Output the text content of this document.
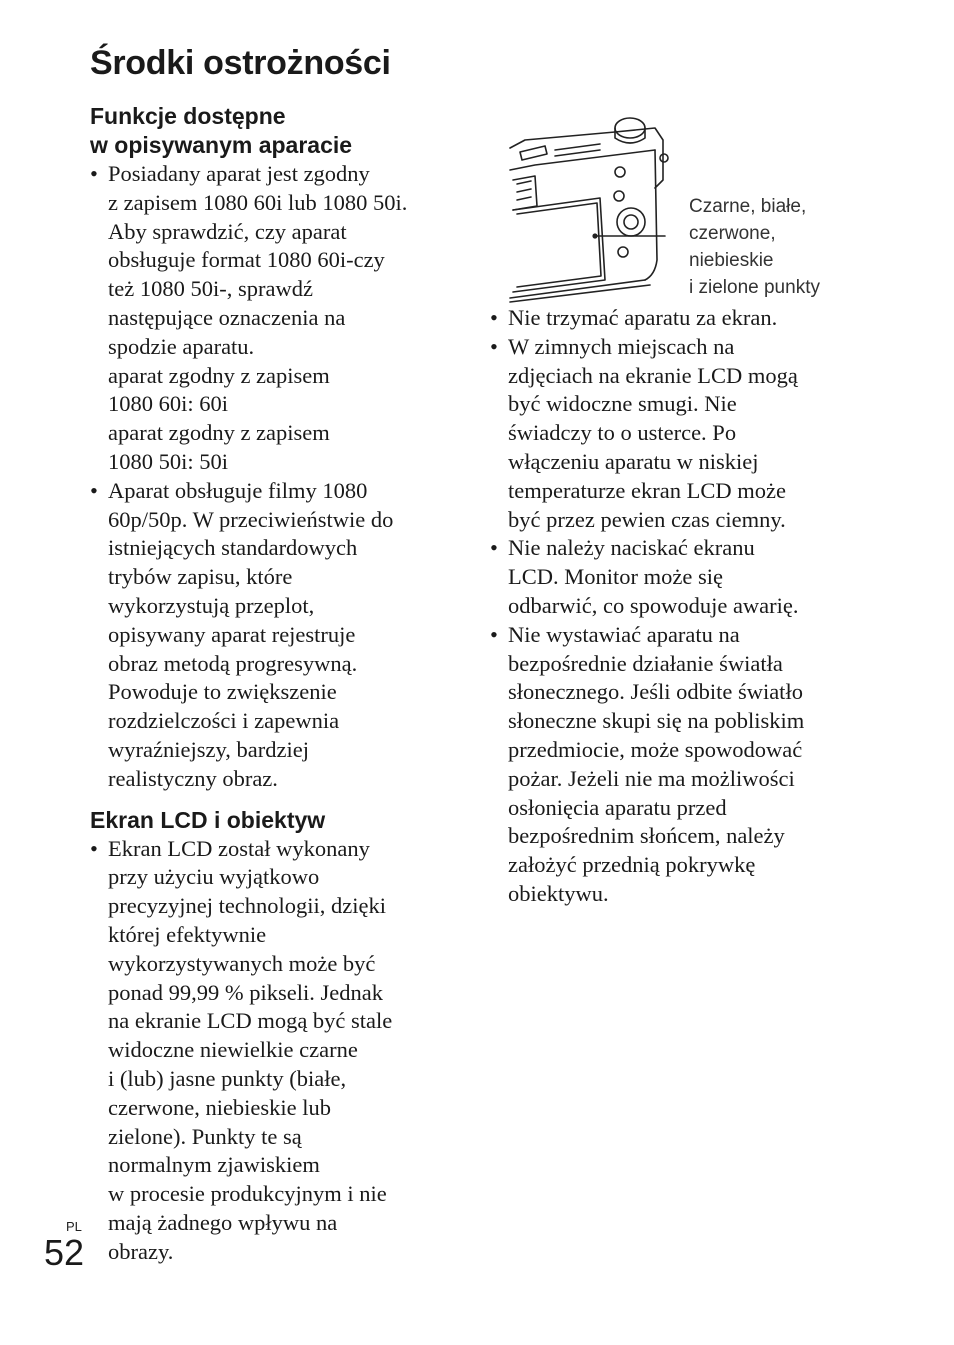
Środki ostrożności
Funkcje dostępne
w opisywanym aparacie
• Posiadany aparat jest zgodny
z zapisem 1080 60i lub 1080 50i.
Aby sprawdzić, czy aparat
obsługuje format 1080 60i-czy
też 1080 50i-, sprawdź
następujące oznaczenia na
spodzie aparatu.
aparat zgodny z zapisem
1080 60i: 60i
aparat zgodny z zapisem
1080 50i: 50i
• Aparat obsługuje filmy 1080
60p/50p. W przeciwieństwie do
istniejących standardowych
trybów zapisu, które
wykorzystują przeplot,
opisywany aparat rejestruje
obraz metodą progresywną.
Powoduje to zwiększenie
rozdzielczości i zapewnia
wyraźniejszy, bardziej
realistyczny obraz.
Ekran LCD i obiektyw
• Ekran LCD został wykonany
przy użyciu wyjątkowo
precyzyjnej technologii, dzięki
której efektywnie
wykorzystywanych może być
ponad 99,99 % pikseli. Jednak
na ekranie LCD mogą być stale
widoczne niewielkie czarne
i (lub) jasne punkty (białe,
czerwone, niebieskie lub
zielone). Punkty te są
normalnym zjawiskiem
w procesie produkcyjnym i nie
mają żadnego wpływu na
obrazy.

Czarne, białe,
czerwone,
niebieskie
i zielone punkty

• Nie trzymać aparatu za ekran.
• W zimnych miejscach na
zdjęciach na ekranie LCD mogą
być widoczne smugi. Nie
świadczy to o usterce. Po
włączeniu aparatu w niskiej
temperaturze ekran LCD może
być przez pewien czas ciemny.
• Nie należy naciskać ekranu
LCD. Monitor może się
odbarwić, co spowoduje awarię.
• Nie wystawiać aparatu na
bezpośrednie działanie światła
słonecznego. Jeśli odbite światło
słoneczne skupi się na pobliskim
przedmiocie, może spowodować
pożar. Jeżeli nie ma możliwości
osłonięcia aparatu przed
bezpośrednim słońcem, należy
założyć przednią pokrywkę
obiektywu.
PL
52
